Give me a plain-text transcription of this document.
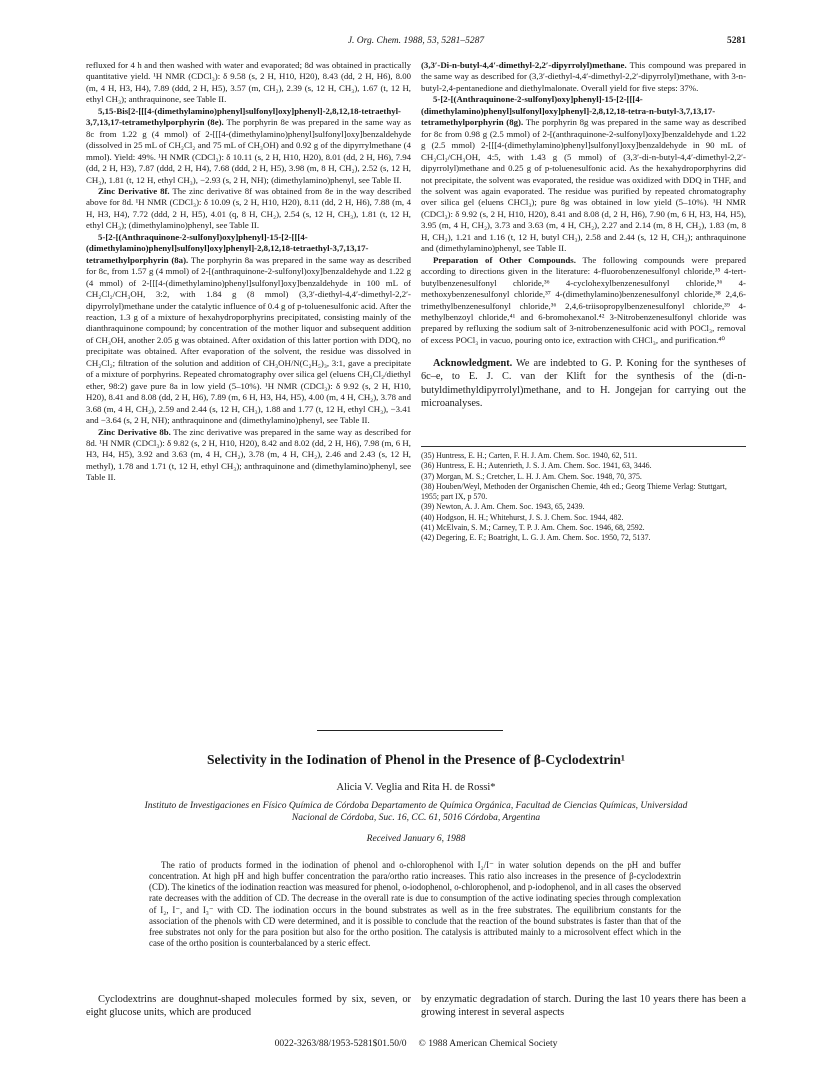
J. Org. Chem. 1988, 53, 5281–5287	5281

refluxed for 4 h and then washed with water and evaporated; 8d was obtained in practically quantitative yield. ¹H NMR (CDCl₃): δ 9.58 (s, 2 H, H10, H20), 8.43 (dd, 2 H, H6), 8.00 (m, 4 H, H3, H4), 7.89 (ddd, 2 H, H5), 3.57 (m, CH₂), 2.39 (s, 12 H, CH₃), 1.67 (t, 12 H, ethyl CH₃); anthraquinone, see Table II.

5,15-Bis[2-[[[4-(dimethylamino)phenyl]sulfonyl]oxy]phenyl]-2,8,12,18-tetraethyl-3,7,13,17-tetramethylporphyrin (8e). The porphyrin 8e was prepared in the same way as 8c from 1.22 g (4 mmol) of 2-[[[4-(dimethylamino)phenyl]sulfonyl]oxy]benzaldehyde (dissolved in 25 mL of CH₂Cl₂ and 75 mL of CH₃OH) and 0.92 g of the dipyrrylmethane (4 mmol). Yield: 49%. ¹H NMR (CDCl₃): δ 10.11 (s, 2 H, H10, H20), 8.01 (dd, 2 H, H6), 7.94 (dd, 2 H, H3), 7.87 (ddd, 2 H, H4), 7.68 (ddd, 2 H, H5), 3.98 (m, 8 H, CH₂), 2.52 (s, 12 H, CH₃), 1.81 (t, 12 H, ethyl CH₃), −2.93 (s, 2 H, NH); (dimethylamino)phenyl, see Table II.

Zinc Derivative 8f. The zinc derivative 8f was obtained from 8e in the way described above for 8d. ¹H NMR (CDCl₃): δ 10.09 (s, 2 H, H10, H20), 8.11 (dd, 2 H, H6), 7.88 (m, 4 H, H3, H4), 7.72 (ddd, 2 H, H5), 4.01 (q, 8 H, CH₂), 2.54 (s, 12 H, CH₃), 1.81 (t, 12 H, ethyl CH₃); (dimethylamino)phenyl, see Table II.

5-[2-[(Anthraquinone-2-sulfonyl)oxy]phenyl]-15-[2-[[[4-(dimethylamino)phenyl]sulfonyl]oxy]phenyl]-2,8,12,18-tetraethyl-3,7,13,17-tetramethylporphyrin (8a). The porphyrin 8a was prepared in the same way as described for 8c, from 1.57 g (4 mmol) of 2-[(anthraquinone-2-sulfonyl)oxy]benzaldehyde and 1.22 g (4 mmol) of 2-[[[4-(dimethylamino)phenyl]sulfonyl]oxy]benzaldehyde in 100 mL of CH₂Cl₂/CH₃OH, 3:2, with 1.84 g (8 mmol) (3,3′-diethyl-4,4′-dimethyl-2,2′-dipyrrolyl)methane under the catalytic influence of 0.4 g of p-toluenesulfonic acid. After the reaction, 1.3 g of a mixture of hexahydroporphyrins precipitated, consisting mainly of the dianthraquinone compound; by concentration of the mother liquor and subsequent addition of CH₃OH, another 2.05 g was obtained. After oxidation of this latter portion with DDQ, no precipitate was obtained. After evaporation of the solvent, the residue was dissolved in CH₂Cl₂; filtration of the solution and addition of CH₃OH/N(C₂H₅)₃, 3:1, gave a precipitate of a mixture of porphyrins. Repeated chromatography over silica gel (eluens CH₂Cl₂/diethyl ether, 98:2) gave pure 8a in low yield (5–10%). ¹H NMR (CDCl₃): δ 9.92 (s, 2 H, H10, H20), 8.41 and 8.08 (dd, 2 H, H6), 7.89 (m, 6 H, H3, H4, H5), 4.00 (m, 4 H, CH₂), 3.78 and 3.68 (m, 4 H, CH₂), 2.59 and 2.44 (s, 12 H, CH₃), 1.88 and 1.77 (t, 12 H, ethyl CH₃), −3.41 and −3.64 (s, 2 H, NH); anthraquinone and (dimethylamino)phenyl, see Table II.

Zinc Derivative 8b. The zinc derivative was prepared in the same way as described for 8d. ¹H NMR (CDCl₃): δ 9.82 (s, 2 H, H10, H20), 8.42 and 8.02 (dd, 2 H, H6), 7.98 (m, 6 H, H3, H4, H5), 3.92 and 3.63 (m, 4 H, CH₂), 3.78 (m, 4 H, CH₂), 2.46 and 2.43 (s, 12 H, methyl), 1.78 and 1.71 (t, 12 H, ethyl CH₃); anthraquinone and (dimethylamino)phenyl, see Table II.

(3,3′-Di-n-butyl-4,4′-dimethyl-2,2′-dipyrrolyl)methane. This compound was prepared in the same way as described for (3,3′-diethyl-4,4′-dimethyl-2,2′-dipyrrolyl)methane, with 3-n-butyl-2,4-pentanedione and diethylmalonate. Overall yield for five steps: 37%.

5-[2-[(Anthraquinone-2-sulfonyl)oxy]phenyl]-15-[2-[[[4-(dimethylamino)phenyl]sulfonyl]oxy]phenyl]-2,8,12,18-tetra-n-butyl-3,7,13,17-tetramethylporphyrin (8g). The porphyrin 8g was prepared in the same way as described for 8c from 0.98 g (2.5 mmol) of 2-[(anthraquinone-2-sulfonyl)oxy]benzaldehyde and 1.22 g (2.5 mmol) 2-[[[4-(dimethylamino)phenyl]sulfonyl]oxy]benzaldehyde in 90 mL of CH₂Cl₂/CH₃OH, 4:5, with 1.43 g (5 mmol) of (3,3′-di-n-butyl-4,4′-dimethyl-2,2′-dipyrrolyl)methane and 0.25 g of p-toluenesulfonic acid. As the hexahydroporphyrins did not precipitate, the solvent was evaporated, the residue was oxidized with DDQ in THF, and the solvent was again evaporated. The residue was purified by repeated chromatography over silica gel (eluens CHCl₃); pure 8g was obtained in low yield (5–10%). ¹H NMR (CDCl₃): δ 9.92 (s, 2 H, H10, H20), 8.41 and 8.08 (d, 2 H, H6), 7.90 (m, 6 H, H3, H4, H5), 3.95 (m, 4 H, CH₂), 3.73 and 3.63 (m, 4 H, CH₂), 2.27 and 2.14 (m, 8 H, CH₂), 1.83 (m, 8 H, CH₂), 1.21 and 1.16 (t, 12 H, butyl CH₃), 2.58 and 2.44 (s, 12 H, CH₃); anthraquinone and (dimethylamino)phenyl, see Table II.

Preparation of Other Compounds. The following compounds were prepared according to directions given in the literature: 4-fluorobenzenesulfonyl chloride,³⁵ 4-tert-butylbenzenesulfonyl chloride,³⁶ 4-cyclohexylbenzenesulfonyl chloride,³⁶ 4-methoxybenzenesulfonyl chloride,³⁷ 4-(dimethylamino)benzenesulfonyl chloride,³⁸ 2,4,6-trimethylbenzenesulfonyl chloride,³⁶ 2,4,6-triisopropylbenzenesulfonyl chloride,³⁹ 4-methylbenzoyl chloride,⁴¹ and 6-bromohexanol.⁴² 3-Nitrobenzenesulfonyl chloride was prepared by refluxing the sodium salt of 3-nitrobenzenesulfonic acid with POCl₃, removal of excess POCl₃ in vacuo, pouring onto ice, extraction with CHCl₃, and purification.⁴⁰

Acknowledgment. We are indebted to G. P. Koning for the syntheses of 6c–e, to E. J. C. van der Klift for the synthesis of the (di-n-butyldimethyldipyrrolyl)methane, and to H. Jongejan for carrying out the microanalyses.

(35) Huntress, E. H.; Carten, F. H. J. Am. Chem. Soc. 1940, 62, 511.
(36) Huntress, E. H.; Autenrieth, J. S. J. Am. Chem. Soc. 1941, 63, 3446.
(37) Morgan, M. S.; Cretcher, L. H. J. Am. Chem. Soc. 1948, 70, 375.
(38) Houben/Weyl, Methoden der Organischen Chemie, 4th ed.; Georg Thieme Verlag: Stuttgart, 1955; part IX, p 570.
(39) Newton, A. J. Am. Chem. Soc. 1943, 65, 2439.
(40) Hodgson, H. H.; Whitehurst, J. S. J. Chem. Soc. 1944, 482.
(41) McElvain, S. M.; Carney, T. P. J. Am. Chem. Soc. 1946, 68, 2592.
(42) Degering, E. F.; Boatright, L. G. J. Am. Chem. Soc. 1950, 72, 5137.
Selectivity in the Iodination of Phenol in the Presence of β-Cyclodextrin¹
Alicia V. Veglia and Rita H. de Rossi*
Instituto de Investigaciones en Físico Química de Córdoba Departamento de Química Orgánica, Facultad de Ciencias Químicas, Universidad Nacional de Córdoba, Suc. 16, CC. 61, 5016 Córdoba, Argentina
Received January 6, 1988

The ratio of products formed in the iodination of phenol and o-chlorophenol with I₂/I⁻ in water solution depends on the pH and buffer concentration. At high pH and high buffer concentration the para/ortho ratio increases. This ratio also increases in the presence of β-cyclodextrin (CD). The kinetics of the iodination reaction was measured for phenol, o-iodophenol, o-chlorophenol, and p-iodophenol, and in all cases the observed rate decreases with the addition of CD. The decrease in the overall rate is due to consumption of the active iodinating species through complexation of I₂, I⁻, and I₃⁻ with CD. The iodination occurs in the bound substrates as well as in the free substrates. The equilibrium constants for the association of the phenols with CD were determined, and it is possible to conclude that the reaction of the bound substrates is faster than that of the free substrates not only for the para position but also for the ortho position. The catalysis is attributed mainly to a microsolvent effect which in the case of the ortho position is counterbalanced by a steric effect.

Cyclodextrins are doughnut-shaped molecules formed by six, seven, or eight glucose units, which are produced

by enzymatic degradation of starch. During the last 10 years there has been a growing interest in several aspects

0022-3263/88/1953-5281$01.50/0 © 1988 American Chemical Society
